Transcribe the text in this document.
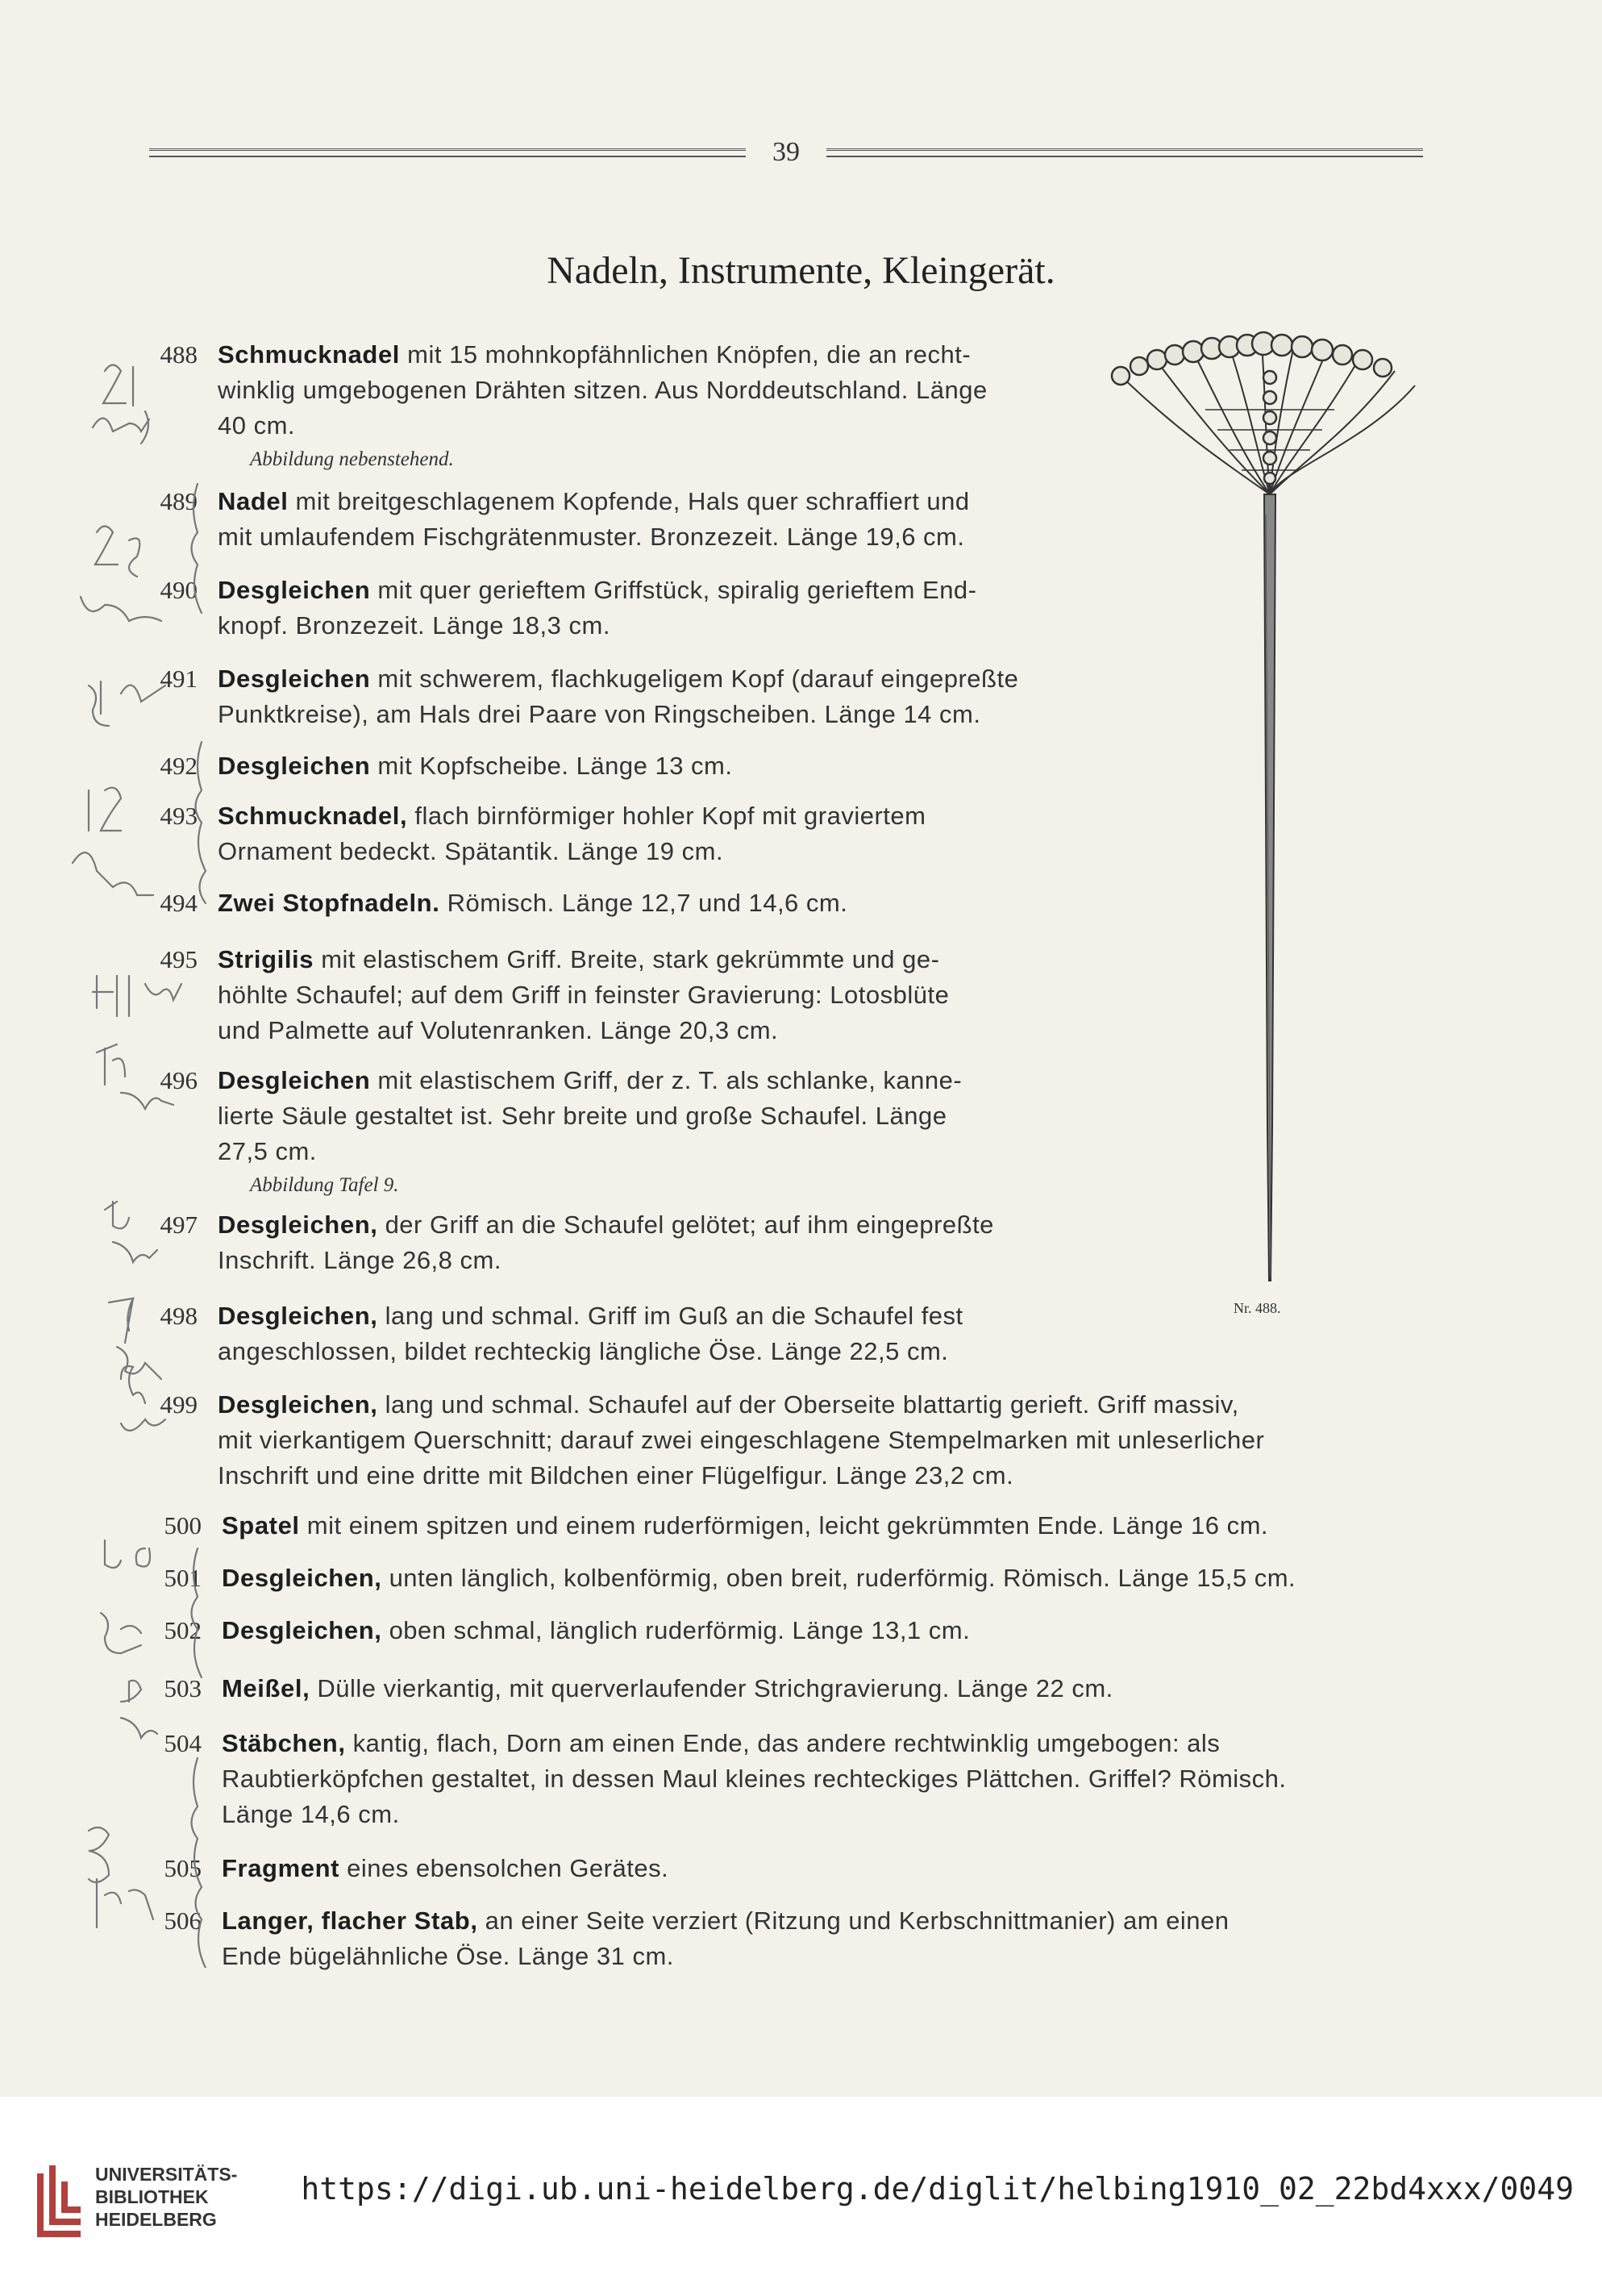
39
Nadeln, Instrumente, Kleingerät.
488 Schmucknadel mit 15 mohnkopfähnlichen Knöpfen, die an recht-
winklig umgebogenen Drähten sitzen. Aus Norddeutschland. Länge
40 cm.
Abbildung nebenstehend.
489 Nadel mit breitgeschlagenem Kopfende, Hals quer schraffiert und
mit umlaufendem Fischgrätenmuster. Bronzezeit. Länge 19,6 cm.
490 Desgleichen mit quer gerieftem Griffstück, spiralig gerieftem End-
knopf. Bronzezeit. Länge 18,3 cm.
491 Desgleichen mit schwerem, flachkugeligem Kopf (darauf eingepreßte
Punktkreise), am Hals drei Paare von Ringscheiben. Länge 14 cm.
492 Desgleichen mit Kopfscheibe. Länge 13 cm.
493 Schmucknadel, flach birnförmiger hohler Kopf mit graviertem
Ornament bedeckt. Spätantik. Länge 19 cm.
494 Zwei Stopfnadeln. Römisch. Länge 12,7 und 14,6 cm.
495 Strigilis mit elastischem Griff. Breite, stark gekrümmte und ge-
höhlte Schaufel; auf dem Griff in feinster Gravierung: Lotosblüte
und Palmette auf Volutenranken. Länge 20,3 cm.
496 Desgleichen mit elastischem Griff, der z. T. als schlanke, kanne-
lierte Säule gestaltet ist. Sehr breite und große Schaufel. Länge
27,5 cm.
Abbildung Tafel 9.
497 Desgleichen, der Griff an die Schaufel gelötet; auf ihm eingepreßte
Inschrift. Länge 26,8 cm.
498 Desgleichen, lang und schmal. Griff im Guß an die Schaufel fest
angeschlossen, bildet rechteckig längliche Öse. Länge 22,5 cm.
499 Desgleichen, lang und schmal. Schaufel auf der Oberseite blattartig gerieft. Griff massiv,
mit vierkantigem Querschnitt; darauf zwei eingeschlagene Stempelmarken mit unleserlicher
Inschrift und eine dritte mit Bildchen einer Flügelfigur. Länge 23,2 cm.
500 Spatel mit einem spitzen und einem ruderförmigen, leicht gekrümmten Ende. Länge 16 cm.
501 Desgleichen, unten länglich, kolbenförmig, oben breit, ruderförmig. Römisch. Länge 15,5 cm.
502 Desgleichen, oben schmal, länglich ruderförmig. Länge 13,1 cm.
503 Meißel, Dülle vierkantig, mit querverlaufender Strichgravierung. Länge 22 cm.
504 Stäbchen, kantig, flach, Dorn am einen Ende, das andere rechtwinklig umgebogen: als
Raubtierköpfchen gestaltet, in dessen Maul kleines rechteckiges Plättchen. Griffel? Römisch.
Länge 14,6 cm.
505 Fragment eines ebensolchen Gerätes.
506 Langer, flacher Stab, an einer Seite verziert (Ritzung und Kerbschnittmanier) am einen
Ende bügelähnliche Öse. Länge 31 cm.
Nr. 488.
UNIVERSITÄTS-
BIBLIOTHEK
HEIDELBERG
https://digi.ub.uni-heidelberg.de/diglit/helbing1910_02_22bd4xxx/0049
